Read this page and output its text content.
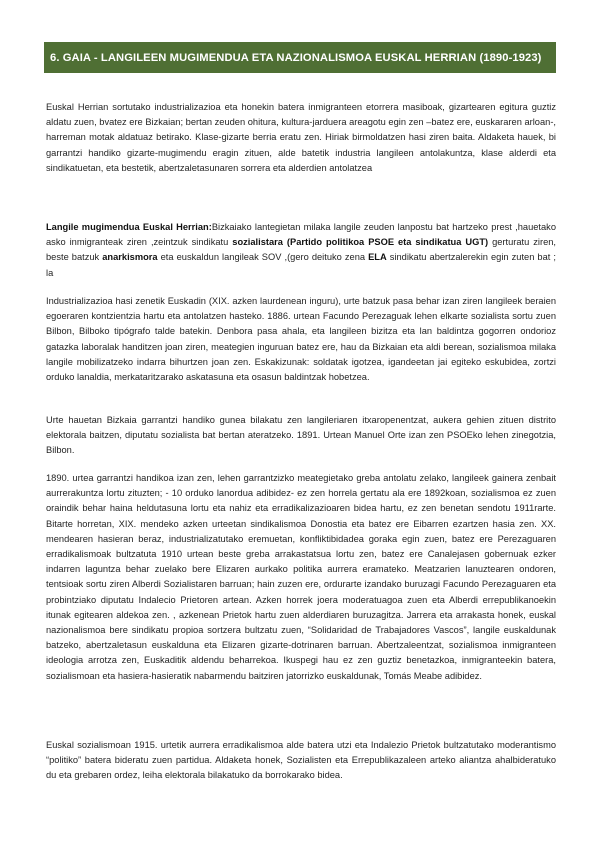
6. GAIA - LANGILEEN MUGIMENDUA ETA NAZIONALISMOA EUSKAL HERRIAN (1890-1923)

Euskal Herrian sortutako industrializazioa eta honekin batera inmigranteen etorrera masiboak, gizartearen egitura guztiz aldatu zuen, bvatez ere Bizkaian; bertan zeuden ohitura, kultura-jarduera areagotu egin zen –batez ere, euskararen arloan-, harreman motak aldatuaz betirako. Klase-gizarte berria eratu zen. Hiriak birmoldatzen hasi ziren baita. Aldaketa hauek, bi garrantzi handiko gizarte-mugimendu eragin zituen, alde batetik industria langileen antolakuntza, klase alderdi eta sindikatuetan, eta bestetik, abertzaletasunaren sorrera eta alderdien antolatzea

Langile mugimendua Euskal Herrian:Bizkaiako lantegietan milaka langile zeuden lanpostu bat hartzeko prest ,hauetako asko inmigranteak ziren ,zeintzuk sindikatu sozialistara (Partido politikoa PSOE eta sindikatua UGT) gerturatu ziren, beste batzuk anarkismora eta euskaldun langileak SOV ,(gero deituko zena ELA sindikatu abertzalerekin egin zuten bat ; la

Industrializazioa hasi zenetik Euskadin (XIX. azken laurdenean inguru), urte batzuk pasa behar izan ziren langileek beraien egoeraren kontzientzia hartu eta antolatzen hasteko. 1886. urtean Facundo Perezaguak lehen elkarte sozialista sortu zuen Bilbon, Bilboko tipógrafo talde batekin. Denbora pasa ahala, eta langileen bizitza eta lan baldintza gogorren ondorioz gatazka laboralak handitzen joan ziren, meategien inguruan batez ere, hau da Bizkaian eta aldi berean, sozialismoa milaka langile mobilizatzeko indarra bihurtzen joan zen. Eskakizunak: soldatak igotzea, igandeetan jai egiteko eskubidea, zortzi orduko lanaldia, merkataritzarako askatasuna eta osasun baldintzak hobetzea.

Urte hauetan Bizkaia garrantzi handiko gunea bilakatu zen langileriaren itxaropenentzat, aukera gehien zituen distrito elektorala baitzen, diputatu sozialista bat bertan ateratzeko. 1891. Urtean Manuel Orte izan zen PSOEko lehen zinegotzia, Bilbon.

1890. urtea garrantzi handikoa izan zen, lehen garrantzizko meategietako greba antolatu zelako, langileek gainera zenbait aurrerakuntza lortu zituzten; - 10 orduko lanordua adibidez- ez zen horrela gertatu ala ere 1892koan, sozialismoa ez zuen oraindik behar haina heldutasuna lortu eta nahiz eta erradikalizazioaren bidea hartu, ez zen benetan sendotu 1911rarte. Bitarte horretan, XIX. mendeko azken urteetan sindikalismoa Donostia eta batez ere Eibarren ezartzen hasia zen. XX. mendearen hasieran beraz, industrializatutako eremuetan, konfliktibidadea goraka egin zuen, batez ere Perezaguaren erradikalismoak bultzatuta 1910 urtean beste greba arrakastatsua lortu zen, batez ere Canalejasen gobernuak ezker indarren laguntza behar zuelako bere Elizaren aurkako politika aurrera eramateko. Meatzarien lanuztearen ondoren, tentsioak sortu ziren Alberdi Sozialistaren barruan; hain zuzen ere, ordurarte izandako buruzagi Facundo Perezaguaren eta probintziako diputatu Indalecio Prietoren artean. Azken horrek joera moderatuagoa zuen eta Alberdi errepublikanoekin itunak egitearen aldekoa zen. , azkenean Prietok hartu zuen alderdiaren buruzagitza. Jarrera eta arrakasta honek, euskal nazionalismoa bere sindikatu propioa sortzera bultzatu zuen, “Solidaridad de Trabajadores Vascos”, langile euskaldunak batzeko, abertzaletasun euskalduna eta Elizaren gizarte-dotrinaren barruan. Abertzaleentzat, sozialismoa inmigranteen ideologia arrotza zen, Euskaditik aldendu beharrekoa. Ikuspegi hau ez zen guztiz benetazkoa, inmigranteekin batera, sozialismoan eta hasiera-hasieratik nabarmendu baitziren jatorrizko euskaldunak, Tomás Meabe adibidez.

Euskal sozialismoan 1915. urtetik aurrera erradikalismoa alde batera utzi eta Indalezio Prietok bultzatutako moderantismo “politiko” batera bideratu zuen partidua. Aldaketa honek, Sozialisten eta Errepublikazaleen arteko aliantza ahalbideratuko du eta grebaren ordez, leiha elektorala bilakatuko da borrokarako bidea.
